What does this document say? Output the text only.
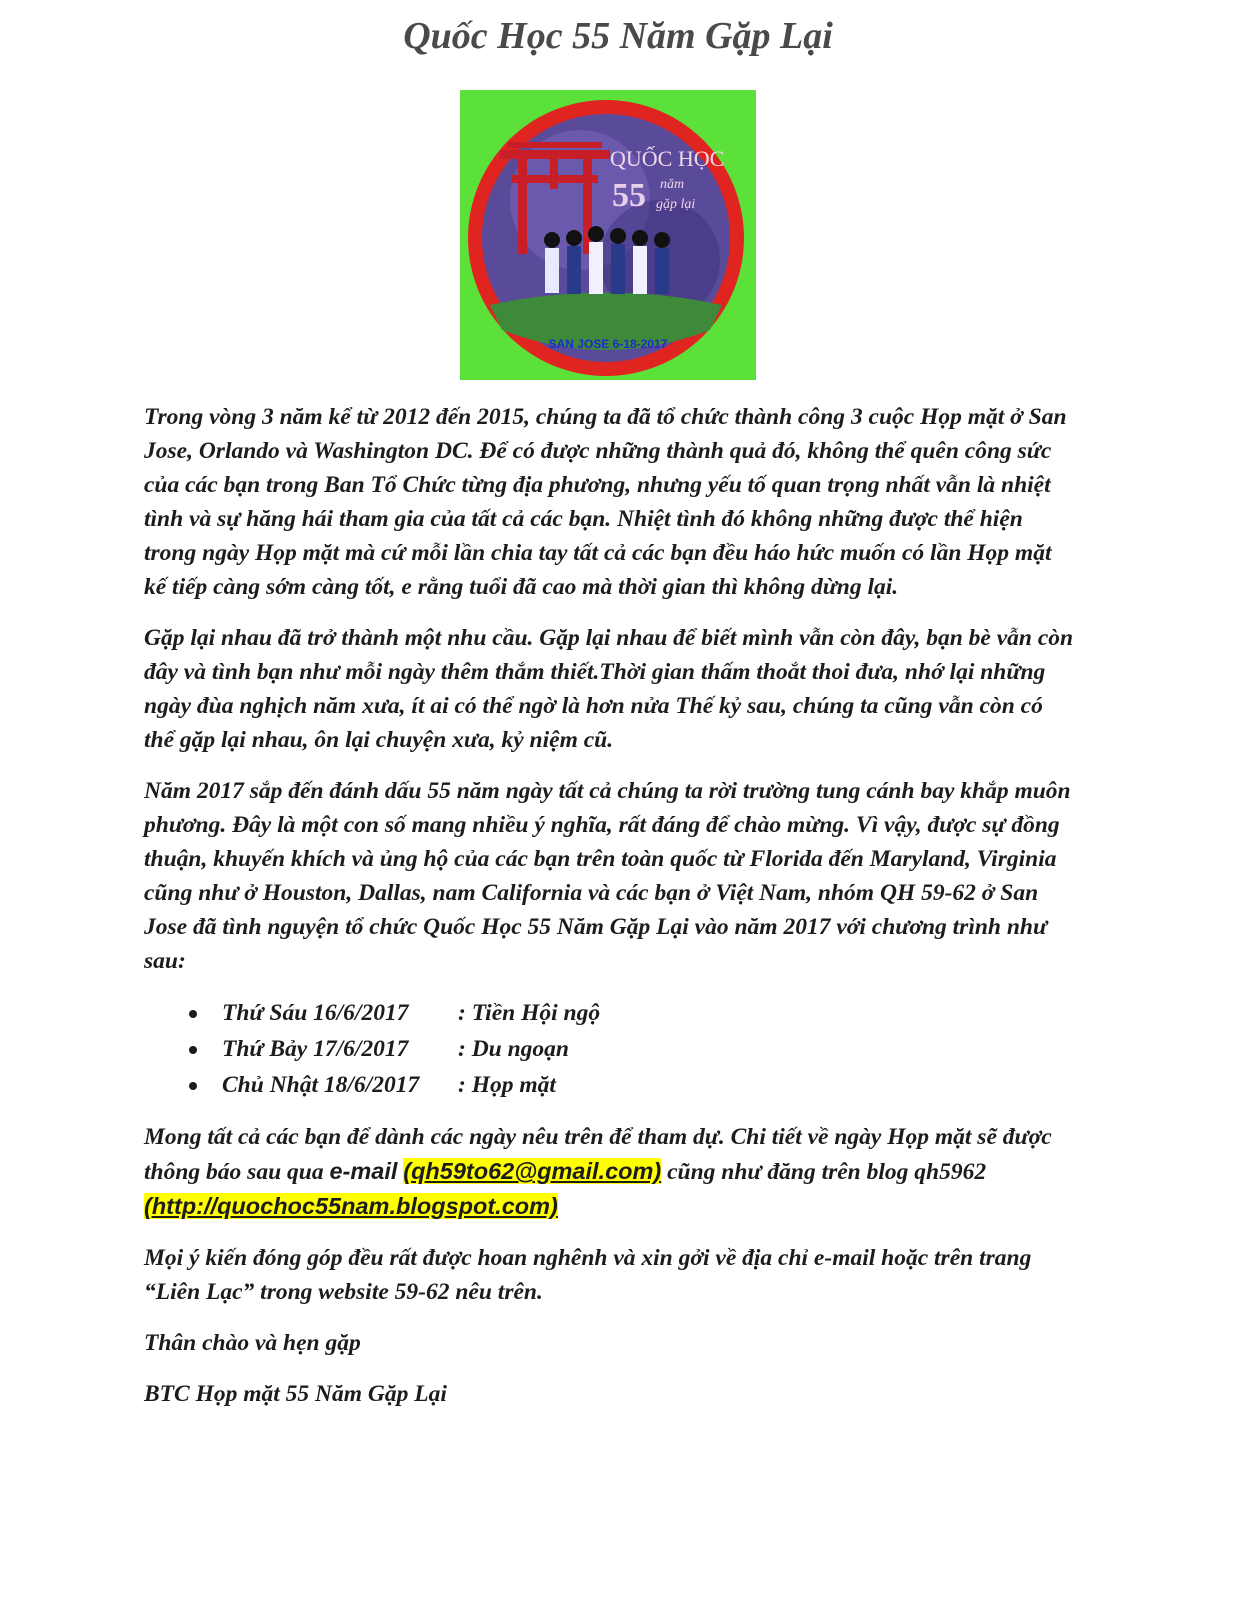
Quốc Học 55 Năm Gặp Lại
QUỐC HỌC
55 năm
gặp lại
SAN JOSE 6-18-2017

Trong vòng 3 năm kể từ 2012 đến 2015, chúng ta đã tổ chức thành công 3 cuộc Họp mặt ở San Jose, Orlando và Washington DC. Để có được những thành quả đó, không thể quên công sức của các bạn trong Ban Tổ Chức từng địa phương, nhưng yếu tố quan trọng nhất vẫn là nhiệt tình và sự hăng hái tham gia của tất cả các bạn. Nhiệt tình đó không những được thể hiện trong ngày Họp mặt mà cứ mỗi lần chia tay tất cả các bạn đều háo hức muốn có lần Họp mặt kế tiếp càng sớm càng tốt, e rằng tuổi đã cao mà thời gian thì không dừng lại.

Gặp lại nhau đã trở thành một nhu cầu. Gặp lại nhau để biết mình vẫn còn đây, bạn bè vẫn còn đây và tình bạn như mỗi ngày thêm thắm thiết.Thời gian thấm thoắt thoi đưa, nhớ lại những ngày đùa nghịch năm xưa, ít ai có thể ngờ là hơn nửa Thế kỷ sau, chúng ta cũng vẫn còn có thể gặp lại nhau, ôn lại chuyện xưa, kỷ niệm cũ.

Năm 2017 sắp đến đánh dấu 55 năm ngày tất cả chúng ta rời trường tung cánh bay khắp muôn phương. Đây là một con số mang nhiều ý nghĩa, rất đáng để chào mừng. Vì vậy, được sự đồng thuận, khuyến khích và ủng hộ của các bạn trên toàn quốc từ Florida đến Maryland, Virginia cũng như ở Houston, Dallas, nam California và các bạn ở Việt Nam, nhóm QH 59-62 ở San Jose đã tình nguyện tổ chức Quốc Học 55 Năm Gặp Lại vào năm 2017 với chương trình như sau:

Thứ Sáu 16/6/2017 : Tiền Hội ngộ
Thứ Bảy 17/6/2017 : Du ngoạn
Chủ Nhật 18/6/2017 : Họp mặt

Mong tất cả các bạn để dành các ngày nêu trên để tham dự. Chi tiết về ngày Họp mặt sẽ được thông báo sau qua e-mail (qh59to62@gmail.com) cũng như đăng trên blog qh5962 (http://quochoc55nam.blogspot.com)

Mọi ý kiến đóng góp đều rất được hoan nghênh và xin gởi về địa chỉ e-mail hoặc trên trang “Liên Lạc” trong website 59-62 nêu trên.

Thân chào và hẹn gặp

BTC Họp mặt 55 Năm Gặp Lại
